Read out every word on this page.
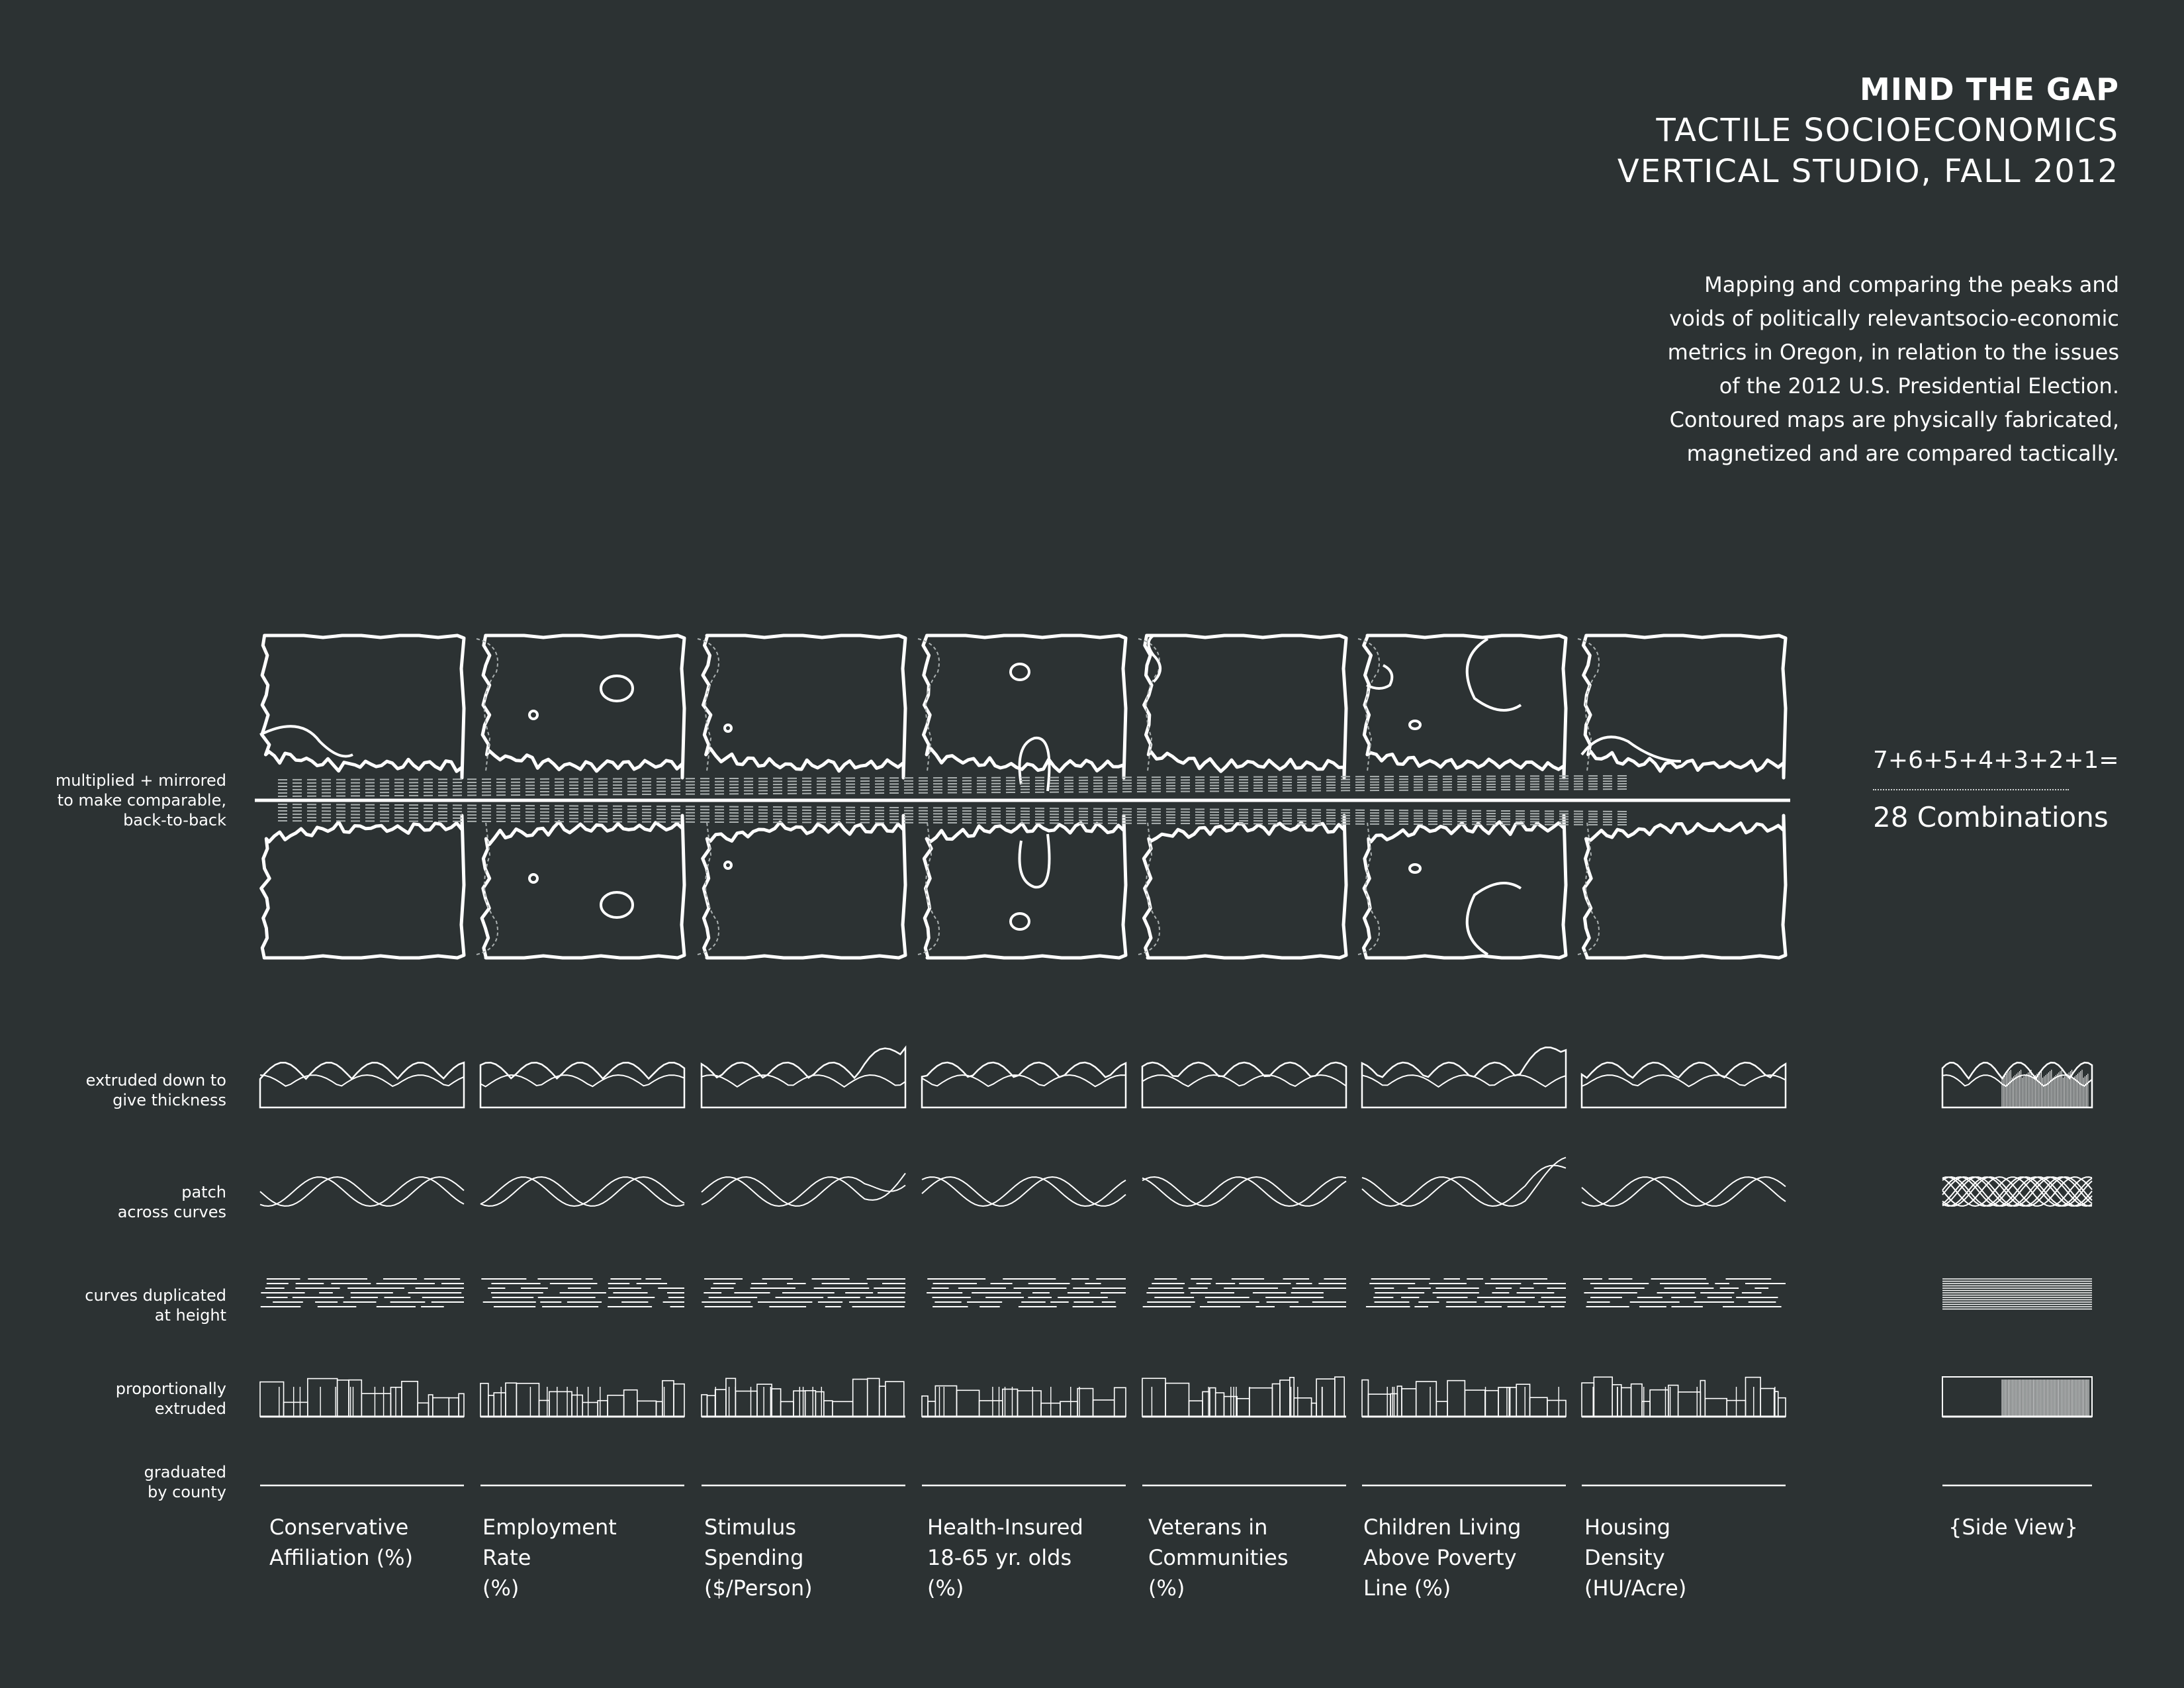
MIND THE GAP
TACTILE SOCIOECONOMICS
VERTICAL STUDIO, FALL 2012
Mapping and comparing the peaks and
voids of politically relevantsocio-economic
metrics in Oregon, in relation to the issues
of the 2012 U.S. Presidential Election.
Contoured maps are physically fabricated,
magnetized and are compared tactically.
multiplied + mirrored
to make comparable,
back-to-back
extruded down to
give thickness
patch
across curves
curves duplicated
at height
proportionally
extruded
graduated
by county
7+6+5+4+3+2+1=
28 Combinations
Conservative
Affiliation (%)
Employment
Rate
(%)
Stimulus
Spending
($/Person)
Health-Insured
18-65 yr. olds
(%)
Veterans in
Communities
(%)
Children Living
Above Poverty
Line (%)
Housing
Density
(HU/Acre)
{Side View}
